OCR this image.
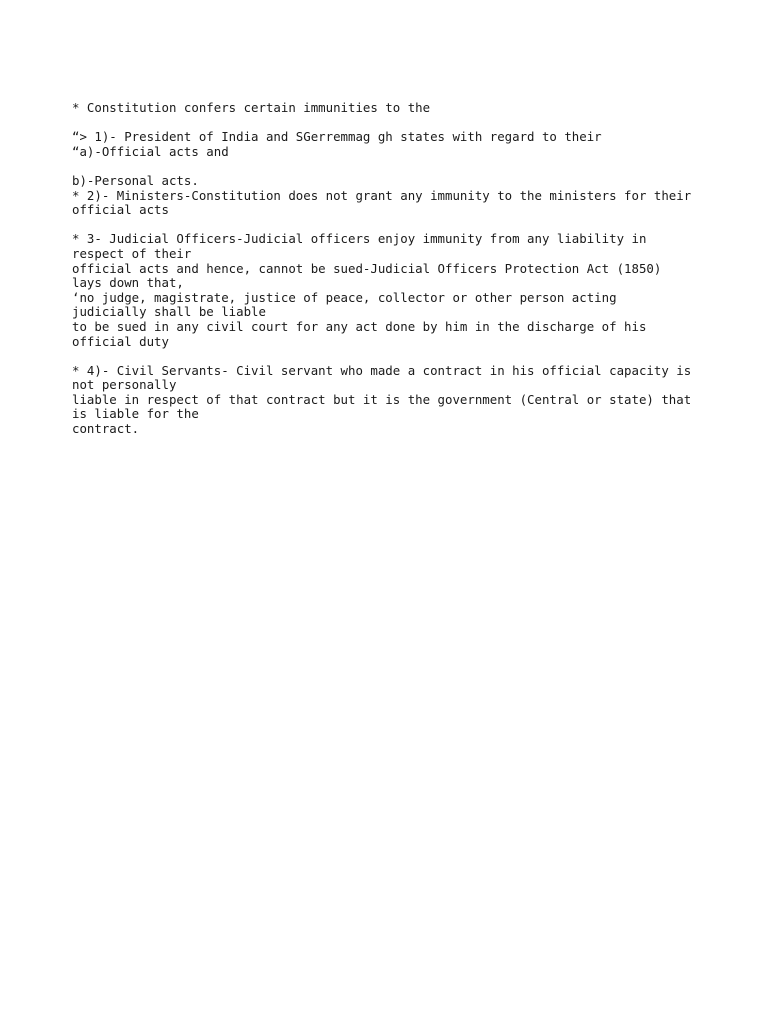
* Constitution confers certain immunities to the
“> 1)- President of India and SGerremmag gh states with regard to their
“a)-Official acts and
b)-Personal acts.
* 2)- Ministers-Constitution does not grant any immunity to the ministers for their
official acts
* 3- Judicial Officers-Judicial officers enjoy immunity from any liability in
respect of their
official acts and hence, cannot be sued-Judicial Officers Protection Act (1850)
lays down that,
‘no judge, magistrate, justice of peace, collector or other person acting
judicially shall be liable
to be sued in any civil court for any act done by him in the discharge of his
official duty
* 4)- Civil Servants- Civil servant who made a contract in his official capacity is
not personally
liable in respect of that contract but it is the government (Central or state) that
is liable for the
contract.
